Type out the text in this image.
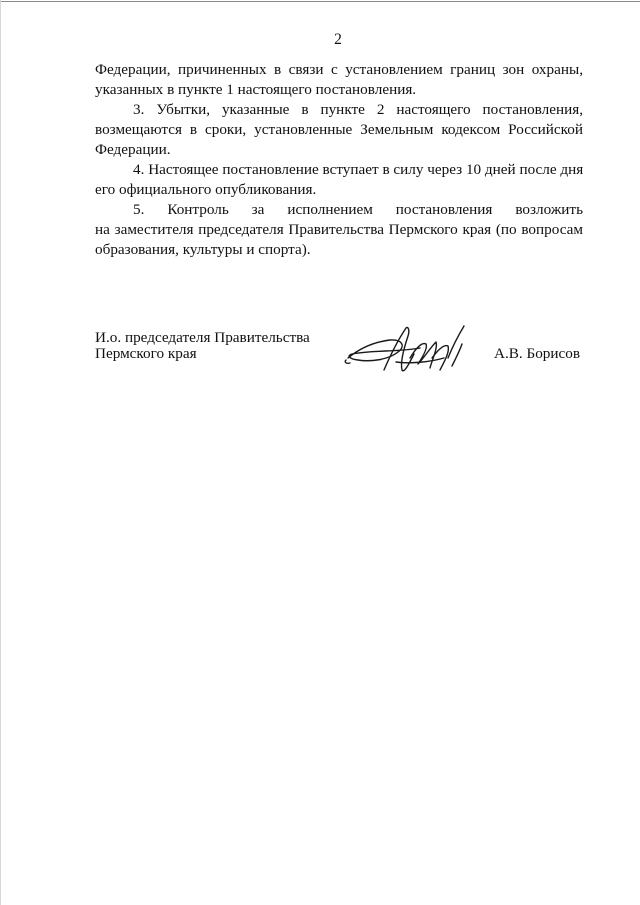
2

Федерации, причиненных в связи с установлением границ зон охраны,
указанных в пункте 1 настоящего постановления.

3. Убытки, указанные в пункте 2 настоящего постановления,
возмещаются в сроки, установленные Земельным кодексом Российской
Федерации.

4. Настоящее постановление вступает в силу через 10 дней после дня
его официального опубликования.

5. Контроль за исполнением постановления возложить
на заместителя председателя Правительства Пермского края (по вопросам
образования, культуры и спорта).

И.о. председателя Правительства
Пермского края	А.В. Борисов
